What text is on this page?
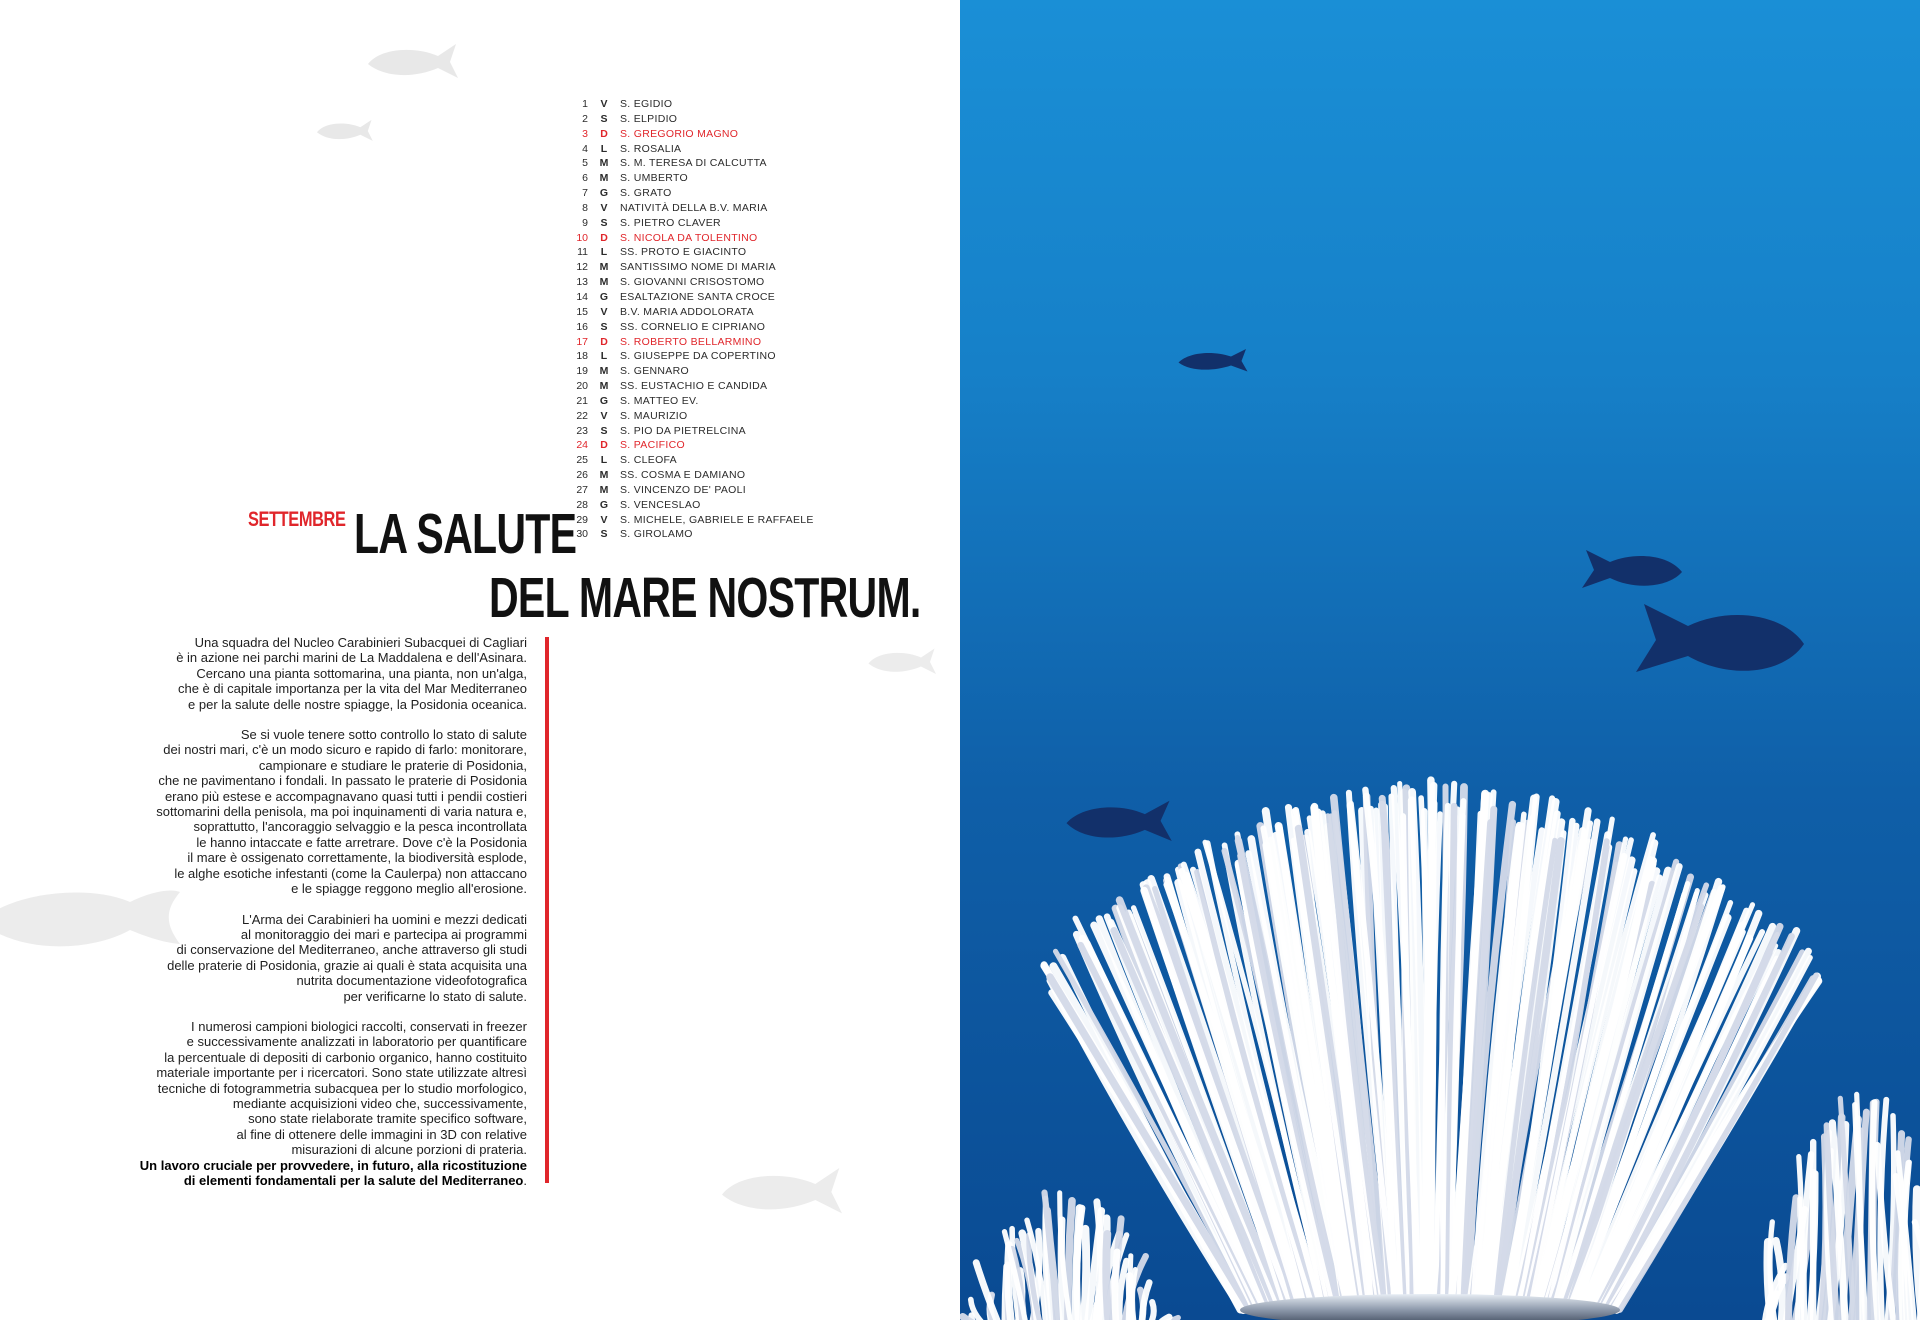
1 V S. EGIDIO
2 S S. ELPIDIO
3 D S. GREGORIO MAGNO
4 L S. ROSALIA
5 M S. M. TERESA DI CALCUTTA
6 M S. UMBERTO
7 G S. GRATO
8 V NATIVITÀ DELLA B.V. MARIA
9 S S. PIETRO CLAVER
10 D S. NICOLA DA TOLENTINO
11 L SS. PROTO E GIACINTO
12 M SANTISSIMO NOME DI MARIA
13 M S. GIOVANNI CRISOSTOMO
14 G ESALTAZIONE SANTA CROCE
15 V B.V. MARIA ADDOLORATA
16 S SS. CORNELIO E CIPRIANO
17 D S. ROBERTO BELLARMINO
18 L S. GIUSEPPE DA COPERTINO
19 M S. GENNARO
20 M SS. EUSTACHIO E CANDIDA
21 G S. MATTEO EV.
22 V S. MAURIZIO
23 S S. PIO DA PIETRELCINA
24 D S. PACIFICO
25 L S. CLEOFA
26 M SS. COSMA E DAMIANO
27 M S. VINCENZO DE' PAOLI
28 G S. VENCESLAO
29 V S. MICHELE, GABRIELE E RAFFAELE
30 S S. GIROLAMO
SETTEMBRE LA SALUTE
DEL MARE NOSTRUM.

Una squadra del Nucleo Carabinieri Subacquei di Cagliari
è in azione nei parchi marini de La Maddalena e dell'Asinara.
Cercano una pianta sottomarina, una pianta, non un'alga,
che è di capitale importanza per la vita del Mar Mediterraneo
e per la salute delle nostre spiagge, la Posidonia oceanica.

Se si vuole tenere sotto controllo lo stato di salute
dei nostri mari, c'è un modo sicuro e rapido di farlo: monitorare,
campionare e studiare le praterie di Posidonia,
che ne pavimentano i fondali. In passato le praterie di Posidonia
erano più estese e accompagnavano quasi tutti i pendii costieri
sottomarini della penisola, ma poi inquinamenti di varia natura e,
soprattutto, l'ancoraggio selvaggio e la pesca incontrollata
le hanno intaccate e fatte arretrare. Dove c'è la Posidonia
il mare è ossigenato correttamente, la biodiversità esplode,
le alghe esotiche infestanti (come la Caulerpa) non attaccano
e le spiagge reggono meglio all'erosione.

L'Arma dei Carabinieri ha uomini e mezzi dedicati
al monitoraggio dei mari e partecipa ai programmi
di conservazione del Mediterraneo, anche attraverso gli studi
delle praterie di Posidonia, grazie ai quali è stata acquisita una
nutrita documentazione videofotografica
per verificarne lo stato di salute.

I numerosi campioni biologici raccolti, conservati in freezer
e successivamente analizzati in laboratorio per quantificare
la percentuale di depositi di carbonio organico, hanno costituito
materiale importante per i ricercatori. Sono state utilizzate altresì
tecniche di fotogrammetria subacquea per lo studio morfologico,
mediante acquisizioni video che, successivamente,
sono state rielaborate tramite specifico software,
al fine di ottenere delle immagini in 3D con relative
misurazioni di alcune porzioni di prateria.
Un lavoro cruciale per provvedere, in futuro, alla ricostituzione
di elementi fondamentali per la salute del Mediterraneo.
